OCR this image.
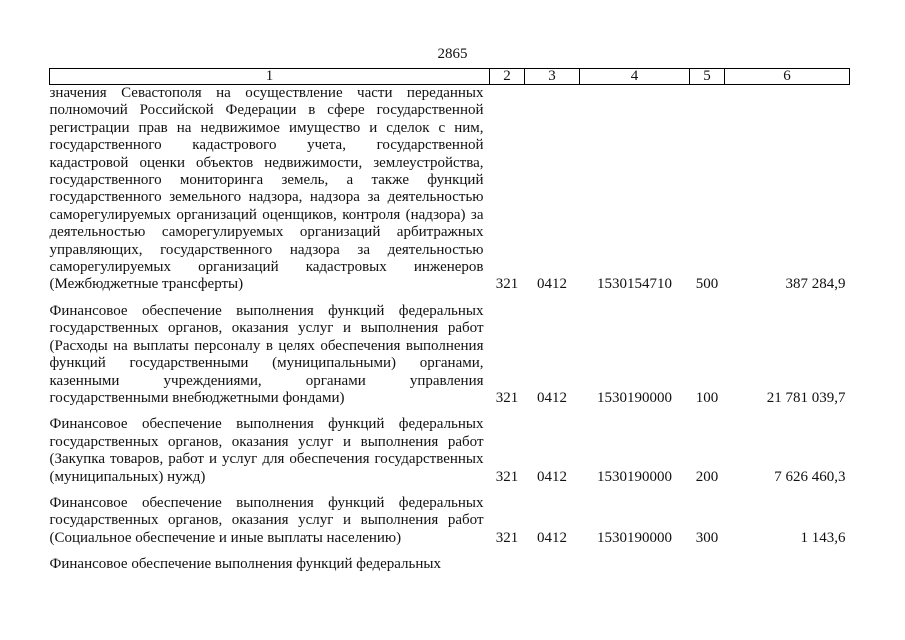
2865
1	2	3	4	5	6
значения Севастополя на осуществление части переданных полномочий Российской Федерации в сфере государственной регистрации прав на недвижимое имущество и сделок с ним, государственного кадастрового учета, государственной кадастровой оценки объектов недвижимости, землеустройства, государственного мониторинга земель, а также функций государственного земельного надзора, надзора за деятельностью саморегулируемых организаций оценщиков, контроля (надзора) за деятельностью саморегулируемых организаций арбитражных управляющих, государственного надзора за деятельностью саморегулируемых организаций кадастровых инженеров (Межбюджетные трансферты)	321	0412	1530154710	500	387 284,9
Финансовое обеспечение выполнения функций федеральных государственных органов, оказания услуг и выполнения работ (Расходы на выплаты персоналу в целях обеспечения выполнения функций государственными (муниципальными) органами, казенными учреждениями, органами управления государственными внебюджетными фондами)	321	0412	1530190000	100	21 781 039,7
Финансовое обеспечение выполнения функций федеральных государственных органов, оказания услуг и выполнения работ (Закупка товаров, работ и услуг для обеспечения государственных (муниципальных) нужд)	321	0412	1530190000	200	7 626 460,3
Финансовое обеспечение выполнения функций федеральных государственных органов, оказания услуг и выполнения работ (Социальное обеспечение и иные выплаты населению)	321	0412	1530190000	300	1 143,6
Финансовое обеспечение выполнения функций федеральных					
